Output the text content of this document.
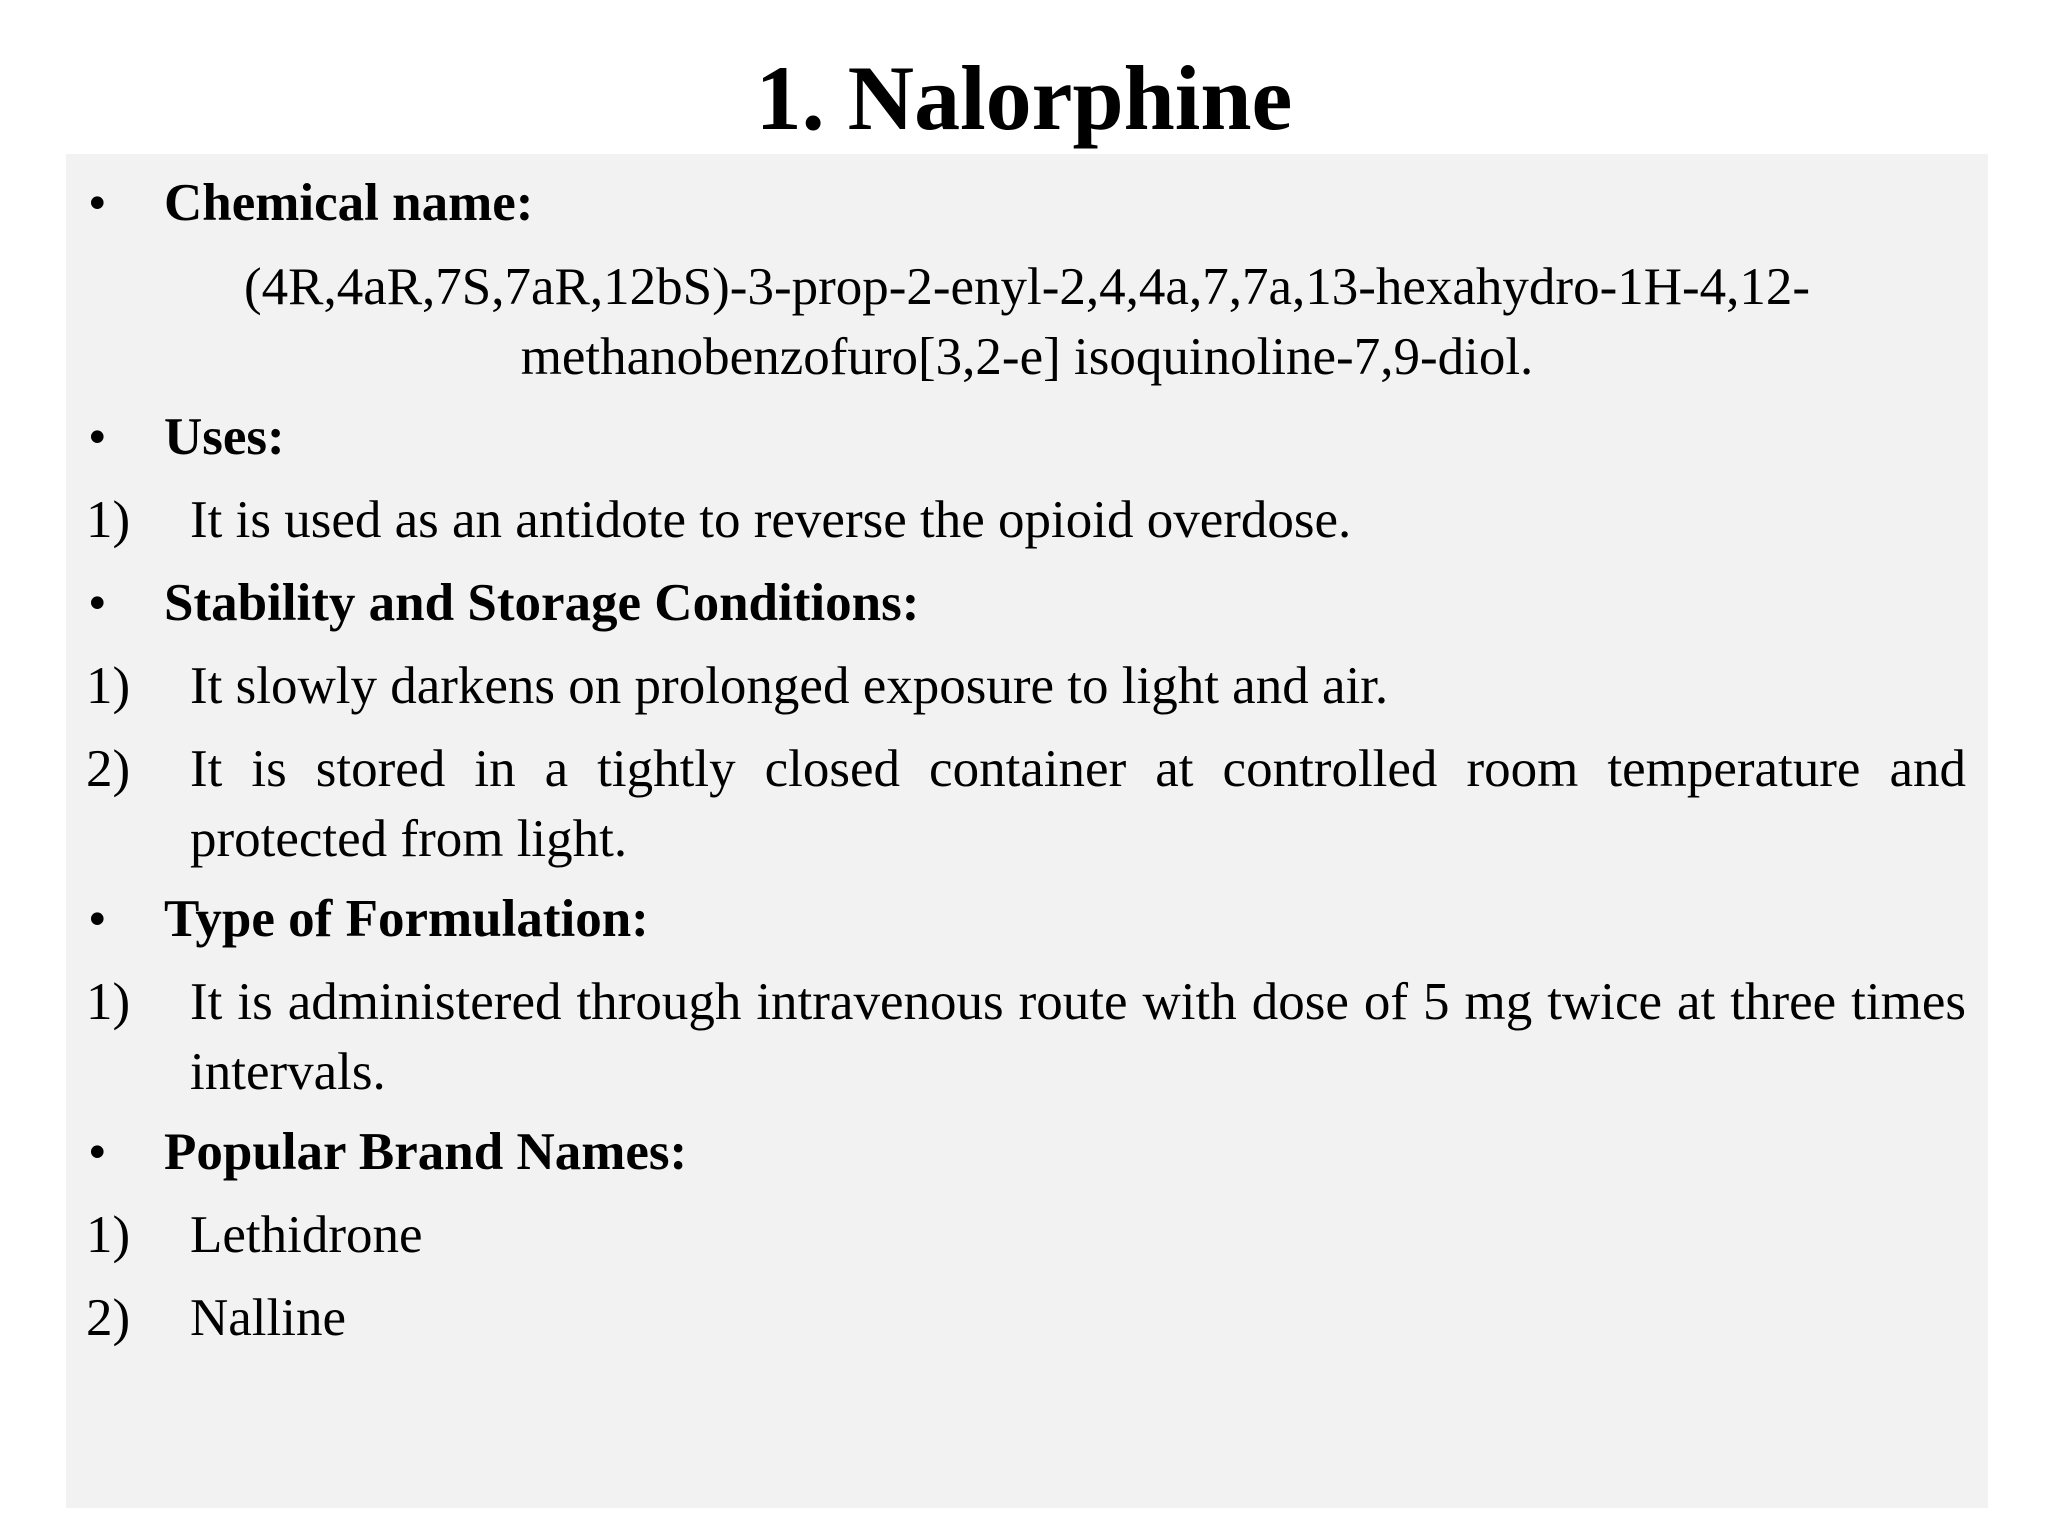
1. Nalorphine
• Chemical name:
(4R,4aR,7S,7aR,12bS)-3-prop-2-enyl-2,4,4a,7,7a,13-hexahydro-1H-4,12-methanobenzofuro[3,2-e] isoquinoline-7,9-diol.
• Uses:
1) It is used as an antidote to reverse the opioid overdose.
• Stability and Storage Conditions:
1) It slowly darkens on prolonged exposure to light and air.
2) It is stored in a tightly closed container at controlled room temperature and protected from light.
• Type of Formulation:
1) It is administered through intravenous route with dose of 5 mg twice at three times intervals.
• Popular Brand Names:
1) Lethidrone
2) Nalline
